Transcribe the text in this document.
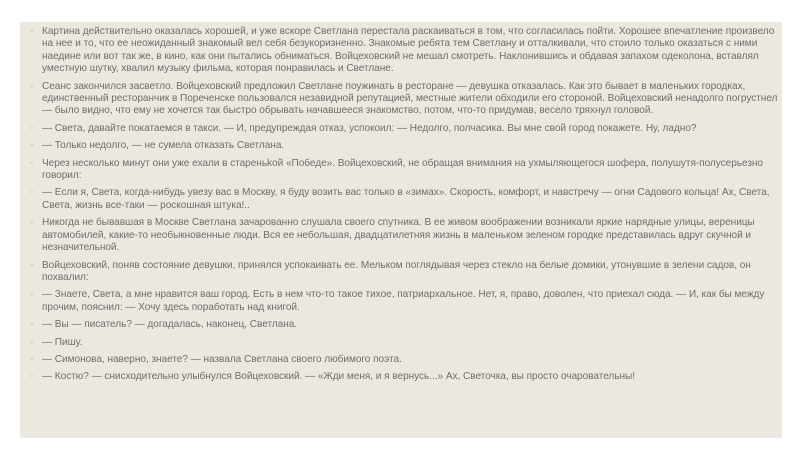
◦ Картина действительно оказалась хорошей, и уже вскоре Светлана перестала раскаиваться в том, что согласилась пойти. Хорошее впечатление произвело на нее и то, что ее неожиданный знакомый вел себя безукоризненно. Знакомые ребята тем Светлану и отталкивали, что стоило только оказаться с ними наедине или вот так же, в кино, как они пытались обниматься. Войцеховский не мешал смотреть. Наклонившись и обдавая запахом одеколона, вставлял уместную шутку, хвалил музыку фильма, которая понравилась и Светлане.
◦ Сеанс закончился засветло. Войцеховский предложил Светлане поужинать в ресторане — девушка отказалась. Как это бывает в маленьких городках, единственный ресторанчик в Пореченске пользовался незавидной репутацией, местные жители обходили его стороной. Войцеховский ненадолго погрустнел — было видно, что ему не хочется так быстро обрывать начавшееся знакомство, потом, что-то придумав, весело тряхнул головой.
◦ — Света, давайте покатаемся в такси. — И, предупреждая отказ, успокоил: — Недолго, полчасика. Вы мне свой город покажете. Ну, ладно?
◦ — Только недолго, — не сумела отказать Светлана.
◦ Через несколько минут они уже ехали в стареньkой «Победе». Войцеховский, не обращая внимания на ухмыляющегося шофера, полушутя-полусерьезно говорил:
◦ — Если я, Света, когда-нибудь увезу вас в Москву, я буду возить вас только в «зимах». Скорость, комфорт, и навстречу — огни Садового кольца! Ах, Света, Света, жизнь все-таки — роскошная штука!..
◦ Никогда не бывавшая в Москве Светлана зачарованно слушала своего спутника. В ее живом воображении возникали яркие нарядные улицы, вереницы автомобилей, какие-то необыкновенные люди. Вся ее небольшая, двадцатилетняя жизнь в маленьком зеленом городке представилась вдруг скучной и незначительной.
◦ Войцеховский, поняв состояние девушки, принялся успокаивать ее. Мельком поглядывая через стекло на белые домики, утонувшие в зелени садов, он похвалил:
◦ — Знаете, Света, а мне нравится ваш город. Есть в нем что-то такое тихое, патриархальное. Нет, я, право, доволен, что приехал сюда. — И, как бы между прочим, пояснил: — Хочу здесь поработать над книгой.
◦ — Вы — писатель? — догадалась, наконец, Светлана.
◦ — Пишу.
◦ — Симонова, наверно, знаете? — назвала Светлана своего любимого поэта.
◦ — Костю? — снисходительно улыбнулся Войцеховский. — «Жди меня, и я вернусь...» Ах, Светочка, вы просто очаровательны!
